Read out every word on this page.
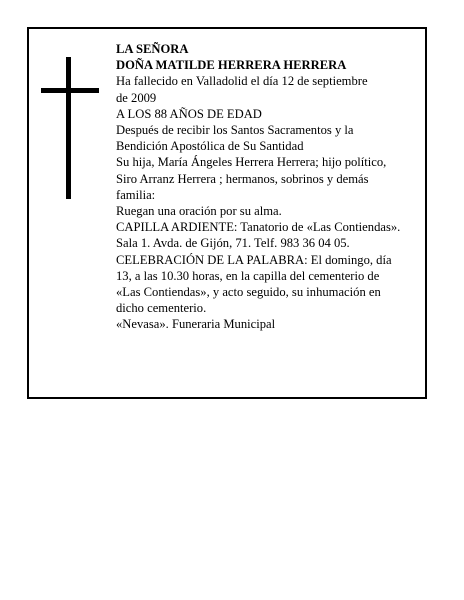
LA SEÑORA

DOÑA MATILDE HERRERA HERRERA

Ha fallecido en Valladolid el día 12 de septiembre

de 2009

A LOS 88 AÑOS DE EDAD

Después de recibir los Santos Sacramentos y la

Bendición Apostólica de Su Santidad

Su hija, María Ángeles Herrera Herrera; hijo político,

Siro Arranz Herrera ; hermanos, sobrinos y demás

familia:

Ruegan una oración por su alma.

CAPILLA ARDIENTE: Tanatorio de «Las Contiendas».

Sala 1. Avda. de Gijón, 71. Telf. 983 36 04 05.

CELEBRACIÓN DE LA PALABRA: El domingo, día

13, a las 10.30 horas, en la capilla del cementerio de

«Las Contiendas», y acto seguido, su inhumación en

dicho cementerio.

«Nevasa». Funeraria Municipal
